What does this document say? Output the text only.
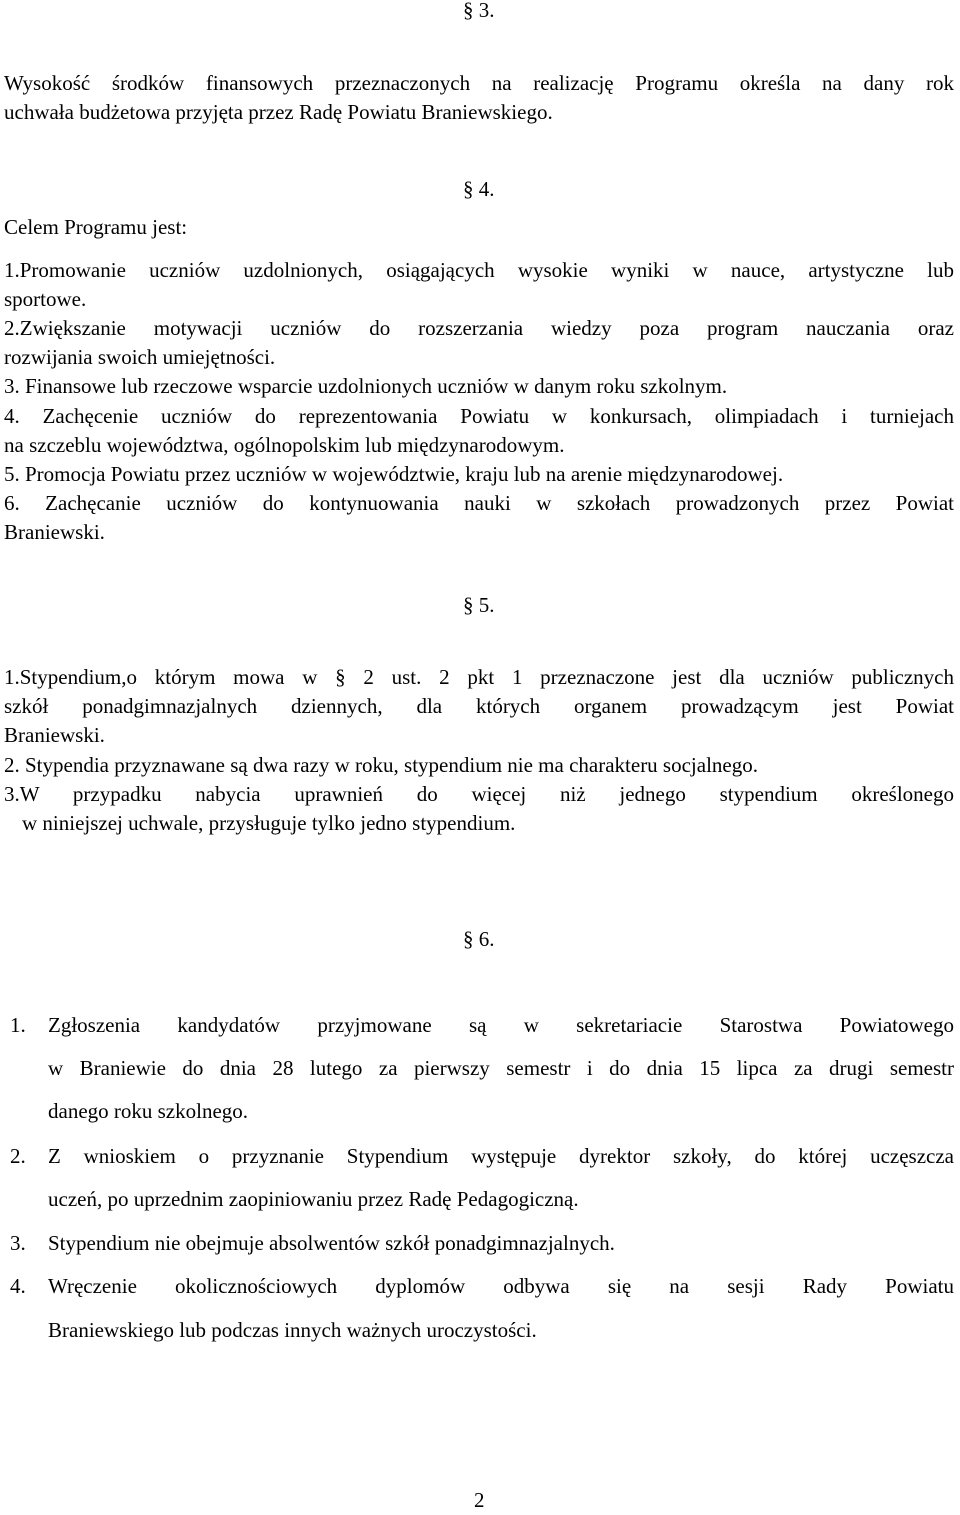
§ 3.
Wysokość środków finansowych przeznaczonych na realizację Programu określa na dany rok
uchwała budżetowa przyjęta przez Radę Powiatu Braniewskiego.
§ 4.
Celem Programu jest:
1.Promowanie uczniów uzdolnionych, osiągających wysokie wyniki w nauce, artystyczne lub
sportowe.
2.Zwiększanie motywacji uczniów do rozszerzania wiedzy poza program nauczania oraz
rozwijania swoich umiejętności.
3. Finansowe lub rzeczowe wsparcie uzdolnionych uczniów w danym roku szkolnym.
4. Zachęcenie uczniów do reprezentowania Powiatu w konkursach, olimpiadach i turniejach
na szczeblu województwa, ogólnopolskim lub międzynarodowym.
5. Promocja Powiatu przez uczniów w województwie, kraju lub na arenie międzynarodowej.
6. Zachęcanie uczniów do kontynuowania nauki w szkołach prowadzonych przez Powiat
Braniewski.
§ 5.
1.Stypendium,o którym mowa w § 2 ust. 2 pkt 1 przeznaczone jest dla uczniów publicznych
szkół ponadgimnazjalnych dziennych, dla których organem prowadzącym jest Powiat
Braniewski.
2. Stypendia przyznawane są dwa razy w roku, stypendium nie ma charakteru socjalnego.
3.W przypadku nabycia uprawnień do więcej niż jednego stypendium określonego
w niniejszej uchwale, przysługuje tylko jedno stypendium.
§ 6.
1. Zgłoszenia kandydatów przyjmowane są w sekretariacie Starostwa Powiatowego
w Braniewie do dnia 28 lutego za pierwszy semestr i do dnia 15 lipca za drugi semestr
danego roku szkolnego.
2. Z wnioskiem o przyznanie Stypendium występuje dyrektor szkoły, do której uczęszcza
uczeń, po uprzednim zaopiniowaniu przez Radę Pedagogiczną.
3. Stypendium nie obejmuje absolwentów szkół ponadgimnazjalnych.
4. Wręczenie okolicznościowych dyplomów odbywa się na sesji Rady Powiatu
Braniewskiego lub podczas innych ważnych uroczystości.
2
